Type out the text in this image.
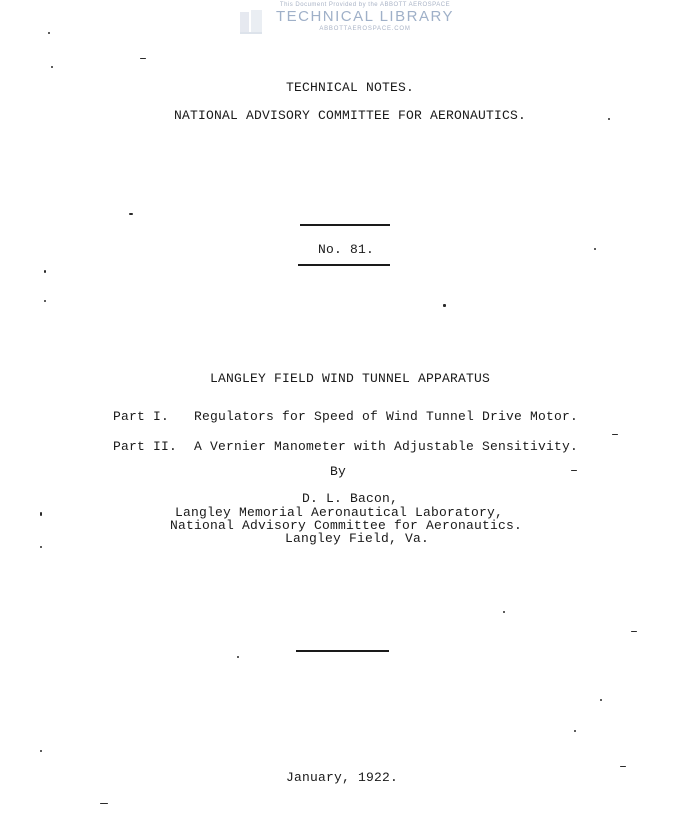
This Document Provided by the ABBOTT AEROSPACE
TECHNICAL LIBRARY
ABBOTTAEROSPACE.COM
TECHNICAL NOTES.
NATIONAL ADVISORY COMMITTEE FOR AERONAUTICS.
No. 81.
LANGLEY FIELD WIND TUNNEL APPARATUS
Part I. Regulators for Speed of Wind Tunnel Drive Motor.
Part II. A Vernier Manometer with Adjustable Sensitivity.
By
D. L. Bacon,
Langley Memorial Aeronautical Laboratory,
National Advisory Committee for Aeronautics.
Langley Field, Va.
January, 1922.
